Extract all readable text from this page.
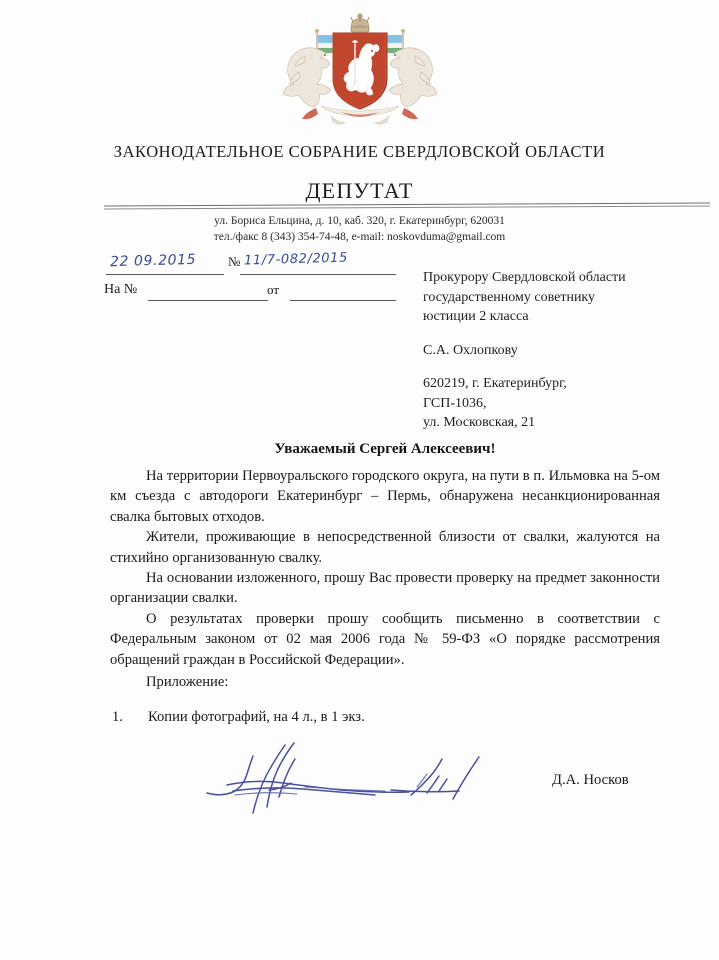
ЗАКОНОДАТЕЛЬНОЕ СОБРАНИЕ СВЕРДЛОВСКОЙ ОБЛАСТИ
ДЕПУТАТ
ул. Бориса Ельцина, д. 10, каб. 320, г. Екатеринбург, 620031
тел./факс 8 (343) 354-74-48, e-mail: noskovduma@gmail.com
22 09.2015 № 11/7-082/2015
На №	от
Прокурору Свердловской области
государственному советнику
юстиции 2 класса
С.А. Охлопкову
620219, г. Екатеринбург,
ГСП-1036,
ул. Московская, 21
Уважаемый Сергей Алексеевич!

На территории Первоуральского городского округа, на пути в п. Ильмовка на 5-ом км съезда с автодороги Екатеринбург – Пермь, обнаружена несанкционированная свалка бытовых отходов.

Жители, проживающие в непосредственной близости от свалки, жалуются на стихийно организованную свалку.

На основании изложенного, прошу Вас провести проверку на предмет законности организации свалки.

О результатах проверки прошу сообщить письменно в соответствии с Федеральным законом от 02 мая 2006 года № 59-ФЗ «О порядке рассмотрения обращений граждан в Российской Федерации».

Приложение:
1. Копии фотографий, на 4 л., в 1 экз.
Д.А. Носков
